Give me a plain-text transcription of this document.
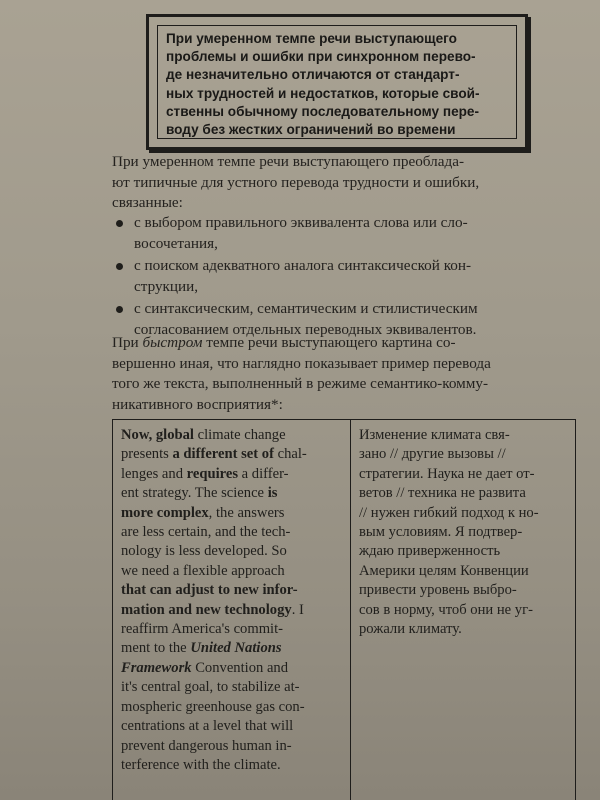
При умеренном темпе речи выступающего
проблемы и ошибки при синхронном перево-
де незначительно отличаются от стандарт-
ных трудностей и недостатков, которые свой-
ственны обычному последовательному пере-
воду без жестких ограничений во времени
При умеренном темпе речи выступающего преоблада-
ют типичные для устного перевода трудности и ошибки,
связанные:
с выбором правильного эквивалента слова или сло-
восочетания,
с поиском адекватного аналога синтаксической кон-
струкции,
с синтаксическим, семантическим и стилистическим
согласованием отдельных переводных эквивалентов.
При быстром темпе речи выступающего картина со-
вершенно иная, что наглядно показывает пример перевода
того же текста, выполненный в режиме семантико-комму-
никативного восприятия*:
Now, global climate change
presents a different set of chal-
lenges and requires a differ-
ent strategy. The science is
more complex, the answers
are less certain, and the tech-
nology is less developed. So
we need a flexible approach
that can adjust to new infor-
mation and new technology. I
reaffirm America's commit-
ment to the United Nations
Framework Convention and
it's central goal, to stabilize at-
mospheric greenhouse gas con-
centrations at a level that will
prevent dangerous human in-
terference with the climate.
Изменение климата свя-
зано // другие вызовы //
стратегии. Наука не дает от-
ветов // техника не развита
// нужен гибкий подход к но-
вым условиям. Я подтвер-
ждаю приверженность
Америки целям Конвенции
привести уровень выбро-
сов в норму, чтоб они не уг-
рожали климату.
